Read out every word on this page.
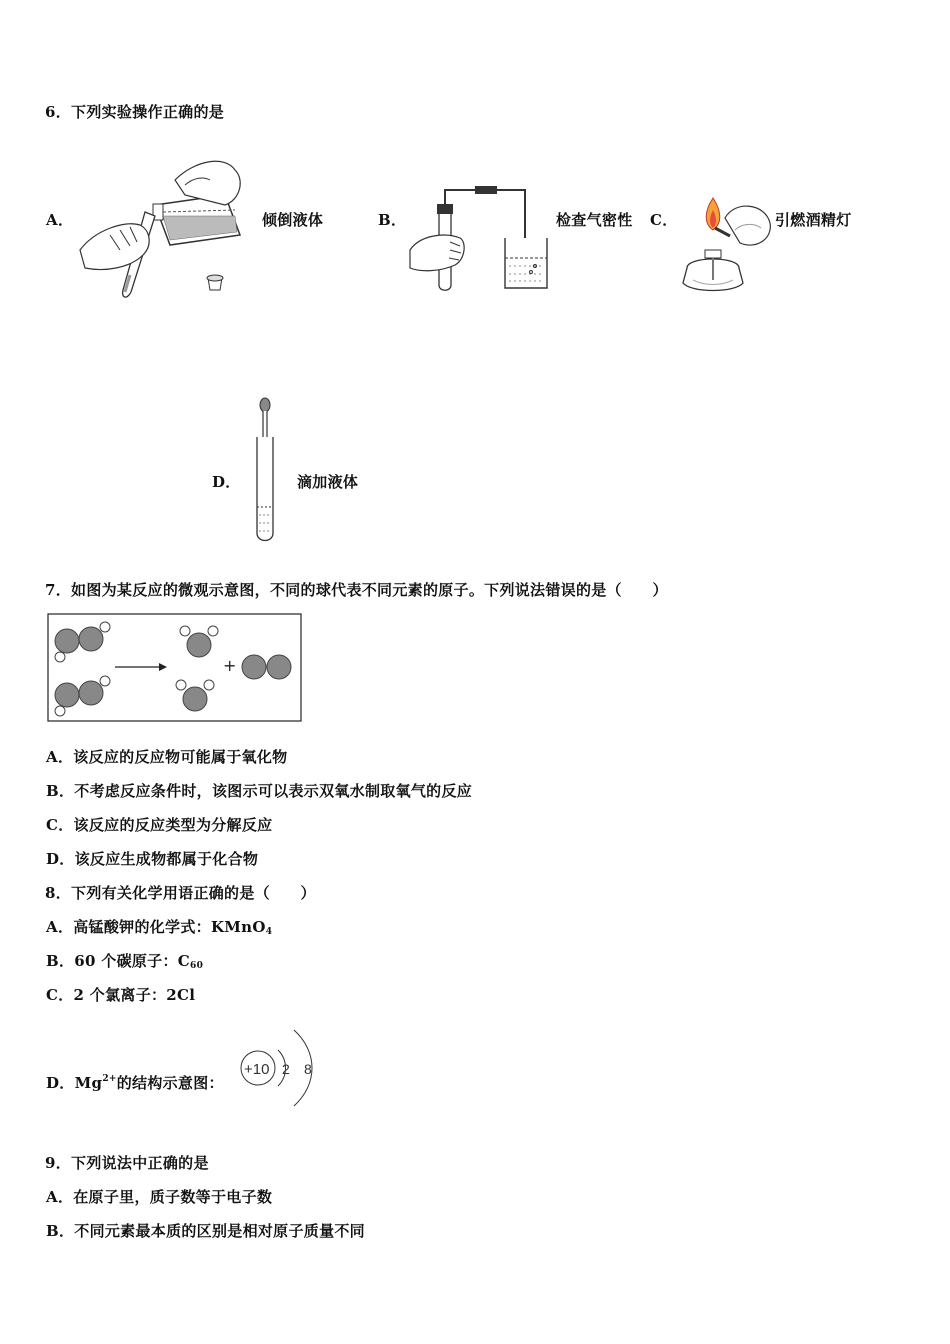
6．下列实验操作正确的是
A．	倾倒液体	B．	检查气密性 C．	引燃酒精灯
D．	滴加液体
7．如图为某反应的微观示意图，不同的球代表不同元素的原子。下列说法错误的是（　　）
+
A．该反应的反应物可能属于氧化物
B．不考虑反应条件时，该图示可以表示双氧水制取氧气的反应
C．该反应的反应类型为分解反应
D．该反应生成物都属于化合物
8．下列有关化学用语正确的是（　　）
A．高锰酸钾的化学式：KMnO4
B．60 个碳原子：C60
C．2 个氯离子：2Cl
D．$Mg^{2+}$的结构示意图：
+10 2 8
9．下列说法中正确的是
A．在原子里，质子数等于电子数
B．不同元素最本质的区别是相对原子质量不同
